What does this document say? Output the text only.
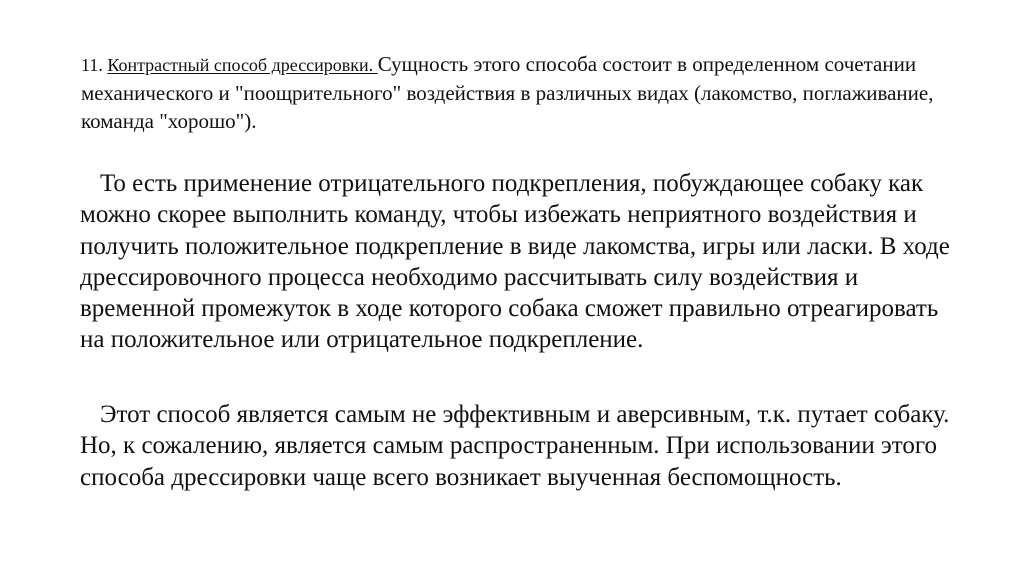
11. Контрастный способ дрессировки. Сущность этого способа состоит в определенном сочетании механического и "поощрительного" воздействия в различных видах (лакомство, поглаживание, команда "хорошо").

То есть применение отрицательного подкрепления, побуждающее собаку как можно скорее выполнить команду, чтобы избежать неприятного воздействия и получить положительное подкрепление в виде лакомства, игры или ласки. В ходе дрессировочного процесса необходимо рассчитывать силу воздействия и временной промежуток в ходе которого собака сможет правильно отреагировать на положительное или отрицательное подкрепление.

Этот способ является самым не эффективным и аверсивным, т.к. путает собаку. Но, к сожалению, является самым распространенным. При использовании этого способа дрессировки чаще всего возникает выученная беспомощность.
